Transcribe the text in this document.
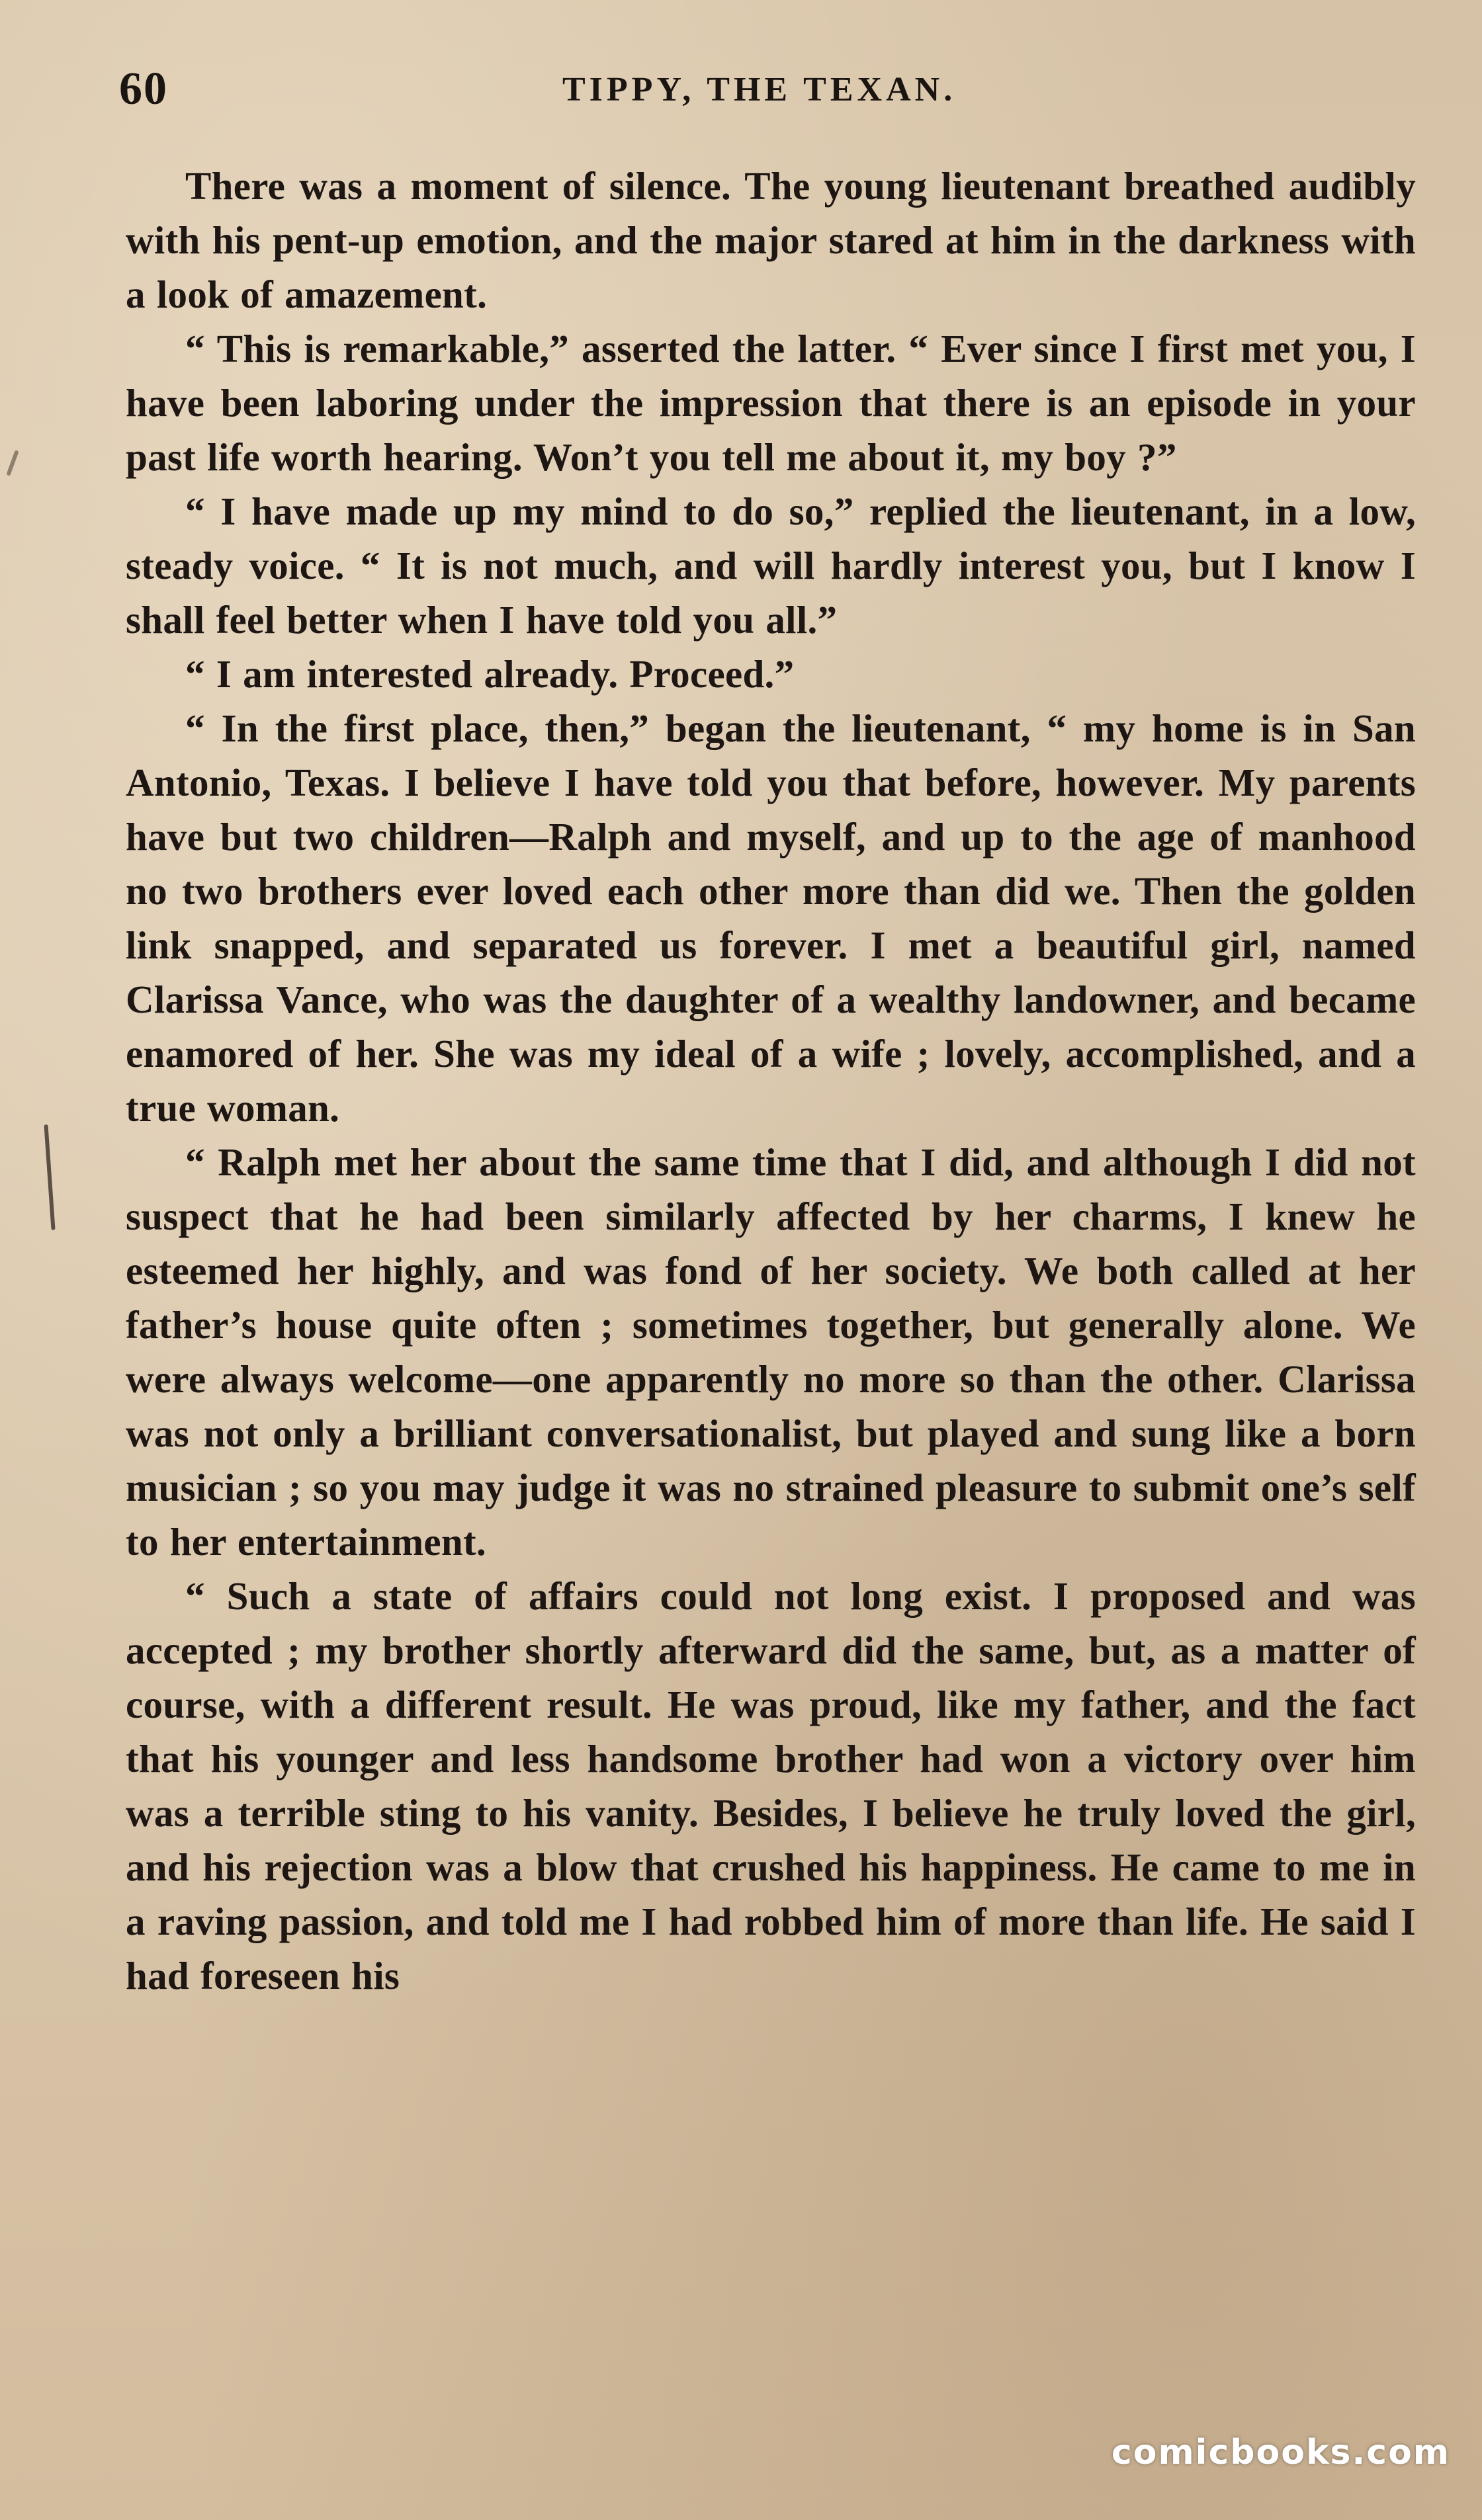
60	TIPPY, THE TEXAN.

There was a moment of silence. The young lieutenant breathed audibly with his pent-up emotion, and the major stared at him in the darkness with a look of amazement.

“ This is remarkable,” asserted the latter. “ Ever since I first met you, I have been laboring under the impression that there is an episode in your past life worth hearing. Won’t you tell me about it, my boy ?”

“ I have made up my mind to do so,” replied the lieutenant, in a low, steady voice. “ It is not much, and will hardly interest you, but I know I shall feel better when I have told you all.”

“ I am interested already. Proceed.”

“ In the first place, then,” began the lieutenant, “ my home is in San Antonio, Texas. I believe I have told you that before, however. My parents have but two children—Ralph and myself, and up to the age of manhood no two brothers ever loved each other more than did we. Then the golden link snapped, and separated us forever. I met a beautiful girl, named Clarissa Vance, who was the daughter of a wealthy landowner, and became enamored of her. She was my ideal of a wife ; lovely, accomplished, and a true woman.

“ Ralph met her about the same time that I did, and although I did not suspect that he had been similarly affected by her charms, I knew he esteemed her highly, and was fond of her society. We both called at her father’s house quite often ; sometimes together, but generally alone. We were always welcome—one apparently no more so than the other. Clarissa was not only a brilliant conversationalist, but played and sung like a born musician ; so you may judge it was no strained pleasure to submit one’s self to her entertainment.

“ Such a state of affairs could not long exist. I proposed and was accepted ; my brother shortly afterward did the same, but, as a matter of course, with a different result. He was proud, like my father, and the fact that his younger and less handsome brother had won a victory over him was a terrible sting to his vanity. Besides, I believe he truly loved the girl, and his rejection was a blow that crushed his happiness. He came to me in a raving passion, and told me I had robbed him of more than life. He said I had foreseen his

comicbooks.com
